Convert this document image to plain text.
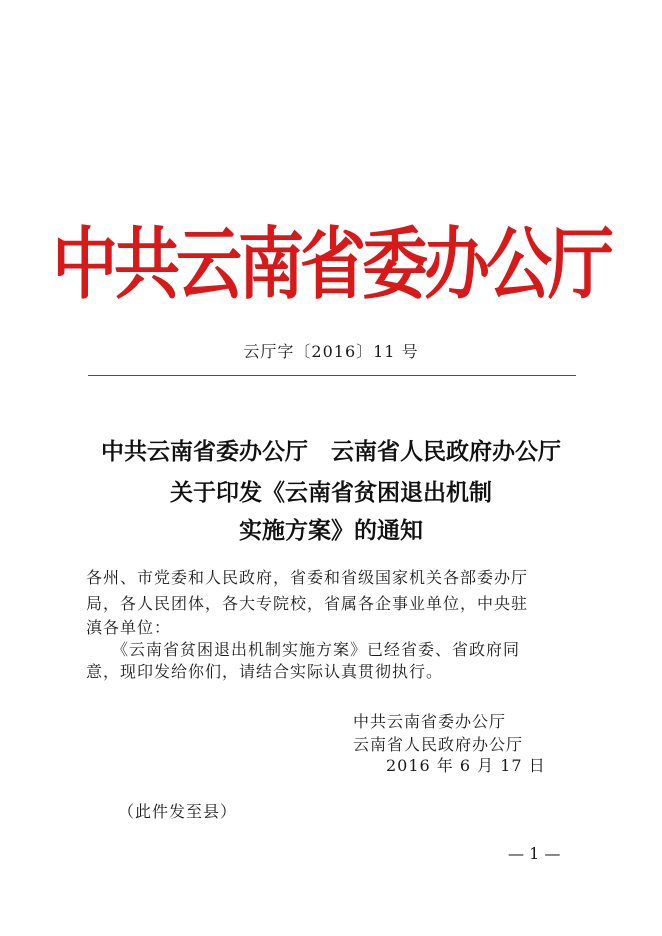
中共云南省委办公厅
云厅字〔2016〕11 号
中共云南省委办公厅　云南省人民政府办公厅
关于印发《云南省贫困退出机制
实施方案》的通知
各州、市党委和人民政府，省委和省级国家机关各部委办厅
局，各人民团体，各大专院校，省属各企事业单位，中央驻
滇各单位：
　　《云南省贫困退出机制实施方案》已经省委、省政府同
意，现印发给你们，请结合实际认真贯彻执行。
中共云南省委办公厅
云南省人民政府办公厅
2016 年 6 月 17 日
（此件发至县）
— 1 —
